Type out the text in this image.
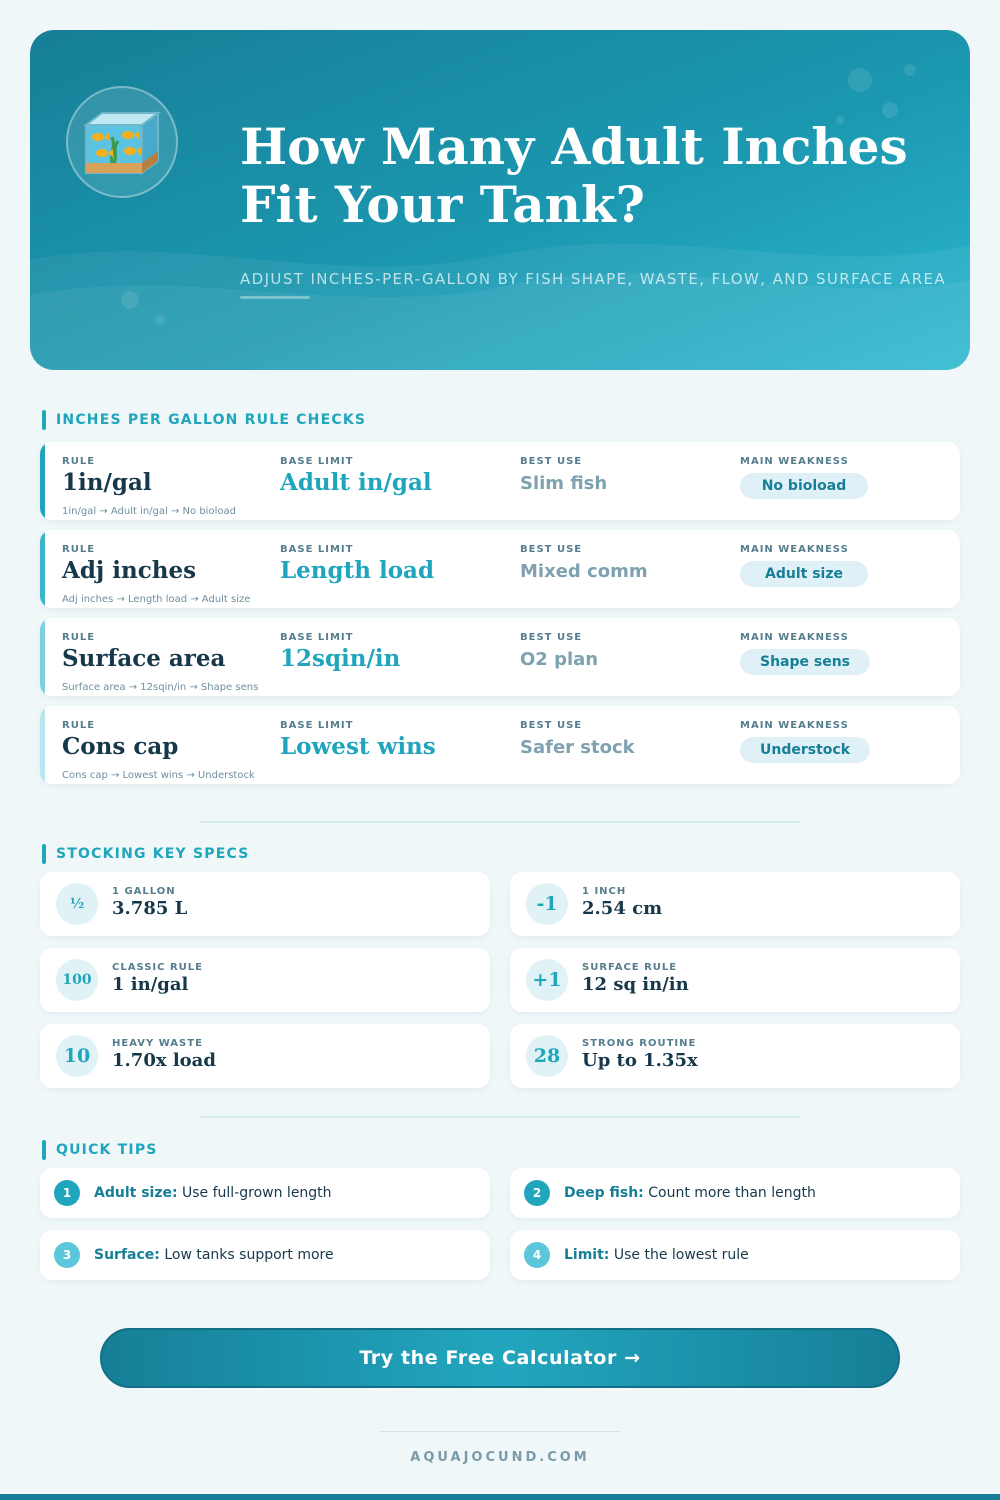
How Many Adult Inches
Fit Your Tank?
ADJUST INCHES-PER-GALLON BY FISH SHAPE, WASTE, FLOW, AND SURFACE AREA
INCHES PER GALLON RULE CHECKS
RULE
1in/gal
BASE LIMIT
Adult in/gal
BEST USE
Slim fish
MAIN WEAKNESS
No bioload
1in/gal → Adult in/gal → No bioload
RULE
Adj inches
BASE LIMIT
Length load
BEST USE
Mixed comm
MAIN WEAKNESS
Adult size
Adj inches → Length load → Adult size
RULE
Surface area
BASE LIMIT
12sqin/in
BEST USE
O2 plan
MAIN WEAKNESS
Shape sens
Surface area → 12sqin/in → Shape sens
RULE
Cons cap
BASE LIMIT
Lowest wins
BEST USE
Safer stock
MAIN WEAKNESS
Understock
Cons cap → Lowest wins → Understock
STOCKING KEY SPECS
½
1 GALLON
3.785 L	-1
1 INCH
2.54 cm
100
CLASSIC RULE
1 in/gal	+1
SURFACE RULE
12 sq in/in
10
HEAVY WASTE
1.70x load	28
STRONG ROUTINE
Up to 1.35x
QUICK TIPS
1	Adult size: Use full-grown length	2	Deep fish: Count more than length
3	Surface: Low tanks support more	4	Limit: Use the lowest rule
Try the Free Calculator →
AQUAJOCUND.COM
